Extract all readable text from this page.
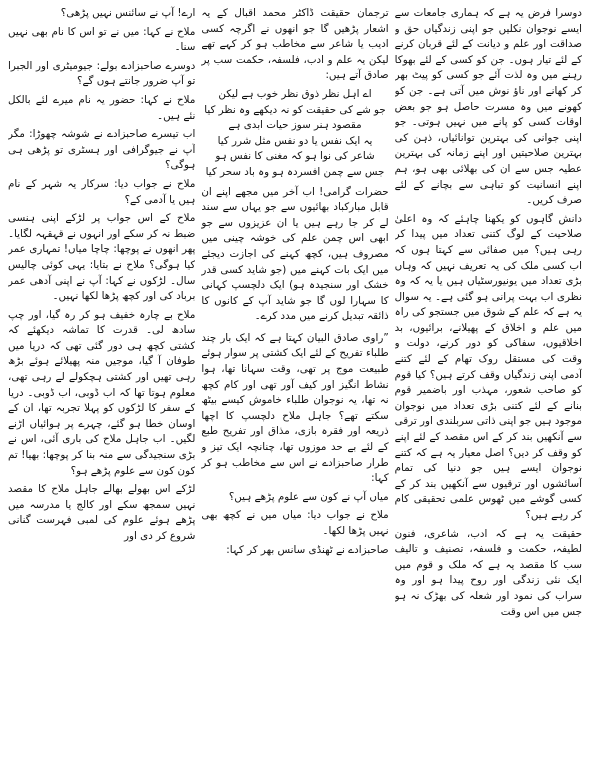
دوسرا فرض یہ ہے کہ ہماری جامعات سے ایسے نوجوان نکلیں جو اپنی زندگیاں حق و صداقت اور علم و دیانت کے لئے قربان کرنے کے لئے تیار ہوں۔ جن کو کسی کے لئے بھوکا رہنے میں وہ لذت آئے جو کسی کو پیٹ بھر کر کھانے اور ناؤ نوش میں آتی ہے۔ جن کو کھونے میں وہ مسرت حاصل ہو جو بعض اوقات کسی کو پانے میں نہیں ہوتی۔ جو اپنی جوانی کی بہترین توانائیاں، ذہن کی بہترین صلاحیتیں اور اپنے زمانہ کی بہترین عطیہ جس سے ان کی بھلائی بھی ہو، ہم اپنے انسانیت کو تباہی سے بچانے کے لئے صرف کریں۔

دانش گاہوں کو یکھنا چاہئے کہ وہ اعلیٰ صلاحیت کے لوگ کتنی تعداد میں پیدا کر رہی ہیں؟ میں صفائی سے کہتا ہوں کہ اب کسی ملک کی یہ تعریف نہیں کہ وہاں بڑی تعداد میں یونیورسٹیاں ہیں یا یہ کہ وہ نظری اب بہت پرانی ہو گئی ہے۔ یہ سوال یہ ہے کہ علم کے شوق میں جستجو کی راہ میں علم و اخلاق کے پھیلانے، برائیوں، بد اخلاقیوں، سفاکی کو دور کرنے، دولت و وقت کی مستقل روک تھام کے لئے کتنے آدمی اپنی زندگیاں وقف کرتے ہیں؟ کیا قوم کو صاحب شعور، مہذب اور باضمیر قوم بنانے کے لئے کتنی بڑی تعداد میں نوجوان موجود ہیں جو اپنی ذاتی سربلندی اور ترقی سے آنکھیں بند کر کے اس مقصد کے لئے اپنے کو وقف کر دیں؟ اصل معیار یہ ہے کہ کتنے نوجوان ایسے ہیں جو دنیا کی تمام آسائشوں اور ترقیوں سے آنکھیں بند کر کے کسی گوشے میں ٹھوس علمی تحقیقی کام کر رہے ہیں؟

حقیقت یہ ہے کہ ادب، شاعری، فنون لطیفہ، حکمت و فلسفہ، تصنیف و تالیف سب کا مقصد یہ ہے کہ ملک و قوم میں ایک نئی زندگی اور روح پیدا ہو اور وہ سراب کی نمود اور شعلہ کی بھڑک نہ ہو جس میں اس وقت

ترجمان حقیقت ڈاکٹر محمد اقبال کے یہ اشعار پڑھیں گا جو انھوں نے اگرچہ کسی ادیب یا شاعر سے مخاطب ہو کر کہے تھے لیکن یہ علم و ادب، فلسفہ، حکمت سب پر صادق آتے ہیں:

اے اہل نظر ذوق نظر خوب ہے لیکن

جو شے کی حقیقت کو نہ دیکھے وہ نظر کیا

مقصود ہنر سوز حیات ابدی ہے

یہ ایک نفس یا دو نفس مثل شرر کیا

شاعر کی نوا ہو کہ مغنی کا نفس ہو

جس سے چمن افسردہ ہو وہ باد سحر کیا

حضرات گرامی! اب آخر میں مجھے اپنے ان قابل مبارکباد بھائیوں سے جو یہاں سے سند لے کر جا رہے ہیں یا ان عزیزوں سے جو ابھی اس چمن علم کی خوشہ چینی میں مصروف ہیں، کچھ کہنے کی اجازت دیجئے میں ایک بات کہنے میں (جو شاید کسی قدر خشک اور سنجیدہ ہو) ایک دلچسپ کہانی کا سہارا لوں گا جو شاید آپ کے کانوں کا ذائقہ تبدیل کرنے میں مدد کرے۔

”راوی صادق البیان کہتا ہے کہ ایک بار چند طلباء تفریح کے لئے ایک کشتی پر سوار ہوئے طبیعت موج پر تھی، وقت سہانا تھا، ہوا نشاط انگیز اور کیف آور تھی اور کام کچھ نہ تھا، یہ نوجوان طلباء خاموش کیسے بیٹھ سکتے تھے؟ جاہل ملاح دلچسپ کا اچھا ذریعہ اور فقرہ بازی، مذاق اور تفریح طبع کے لئے بے حد موزوں تھا، چنانچہ ایک تیز و طرار صاحبزادے نے اس سے مخاطب ہو کر کہا:

میاں آپ نے کون سے علوم پڑھے ہیں؟

ملاح نے جواب دیا: میاں میں نے کچھ بھی نہیں پڑھا لکھا۔

صاحبزادے نے ٹھنڈی سانس بھر کر کہا:

ارے! آپ نے سائنس نہیں پڑھی؟

ملاح نے کہا: میں نے تو اس کا نام بھی نہیں سنا۔

دوسرے صاحبزادے بولے: جیومیٹری اور الجبرا تو آپ ضرور جانتے ہوں گے؟

ملاح نے کہا: حضور یہ نام میرے لئے بالکل نئے ہیں۔

اب تیسرے صاحبزادے نے شوشہ چھوڑا: مگر آپ نے جیوگرافی اور ہسٹری تو پڑھی ہی ہوگی؟

ملاح نے جواب دیا: سرکار یہ شہر کے نام ہیں یا آدمی کے؟

ملاح کے اس جواب پر لڑکے اپنی ہنسی ضبط نہ کر سکے اور انہوں نے قہقہہ لگایا۔ پھر انھوں نے پوچھا: چاچا میاں! تمہاری عمر کیا ہوگی؟ ملاح نے بتایا: یہی کوئی چالیس سال۔ لڑکوں نے کہا: آپ نے اپنی آدھی عمر برباد کی اور کچھ پڑھا لکھا نہیں۔

ملاح بے چارہ خفیف ہو کر رہ گیا، اور چپ سادھ لی۔ قدرت کا تماشہ دیکھئے کہ کشتی کچھ ہی دور گئی تھی کہ دریا میں طوفان آ گیا، موجیں منہ پھیلائے ہوئے بڑھ رہی تھیں اور کشتی ہچکولے لے رہی تھی، معلوم ہوتا تھا کہ اب ڈوبی، اب ڈوبی۔ دریا کے سفر کا لڑکوں کو پہلا تجربہ تھا، ان کے اوسان خطا ہو گئے، چہرے پر ہوائیاں اڑنے لگیں۔ اب جاہل ملاح کی باری آئی، اس نے بڑی سنجیدگی سے منہ بنا کر پوچھا: بھیا! تم کون کون سے علوم پڑھے ہو؟

لڑکے اس بھولے بھالے جاہل ملاح کا مقصد نہیں سمجھ سکے اور کالج یا مدرسہ میں پڑھے ہوئے علوم کی لمبی فہرست گنانی شروع کر دی اور
